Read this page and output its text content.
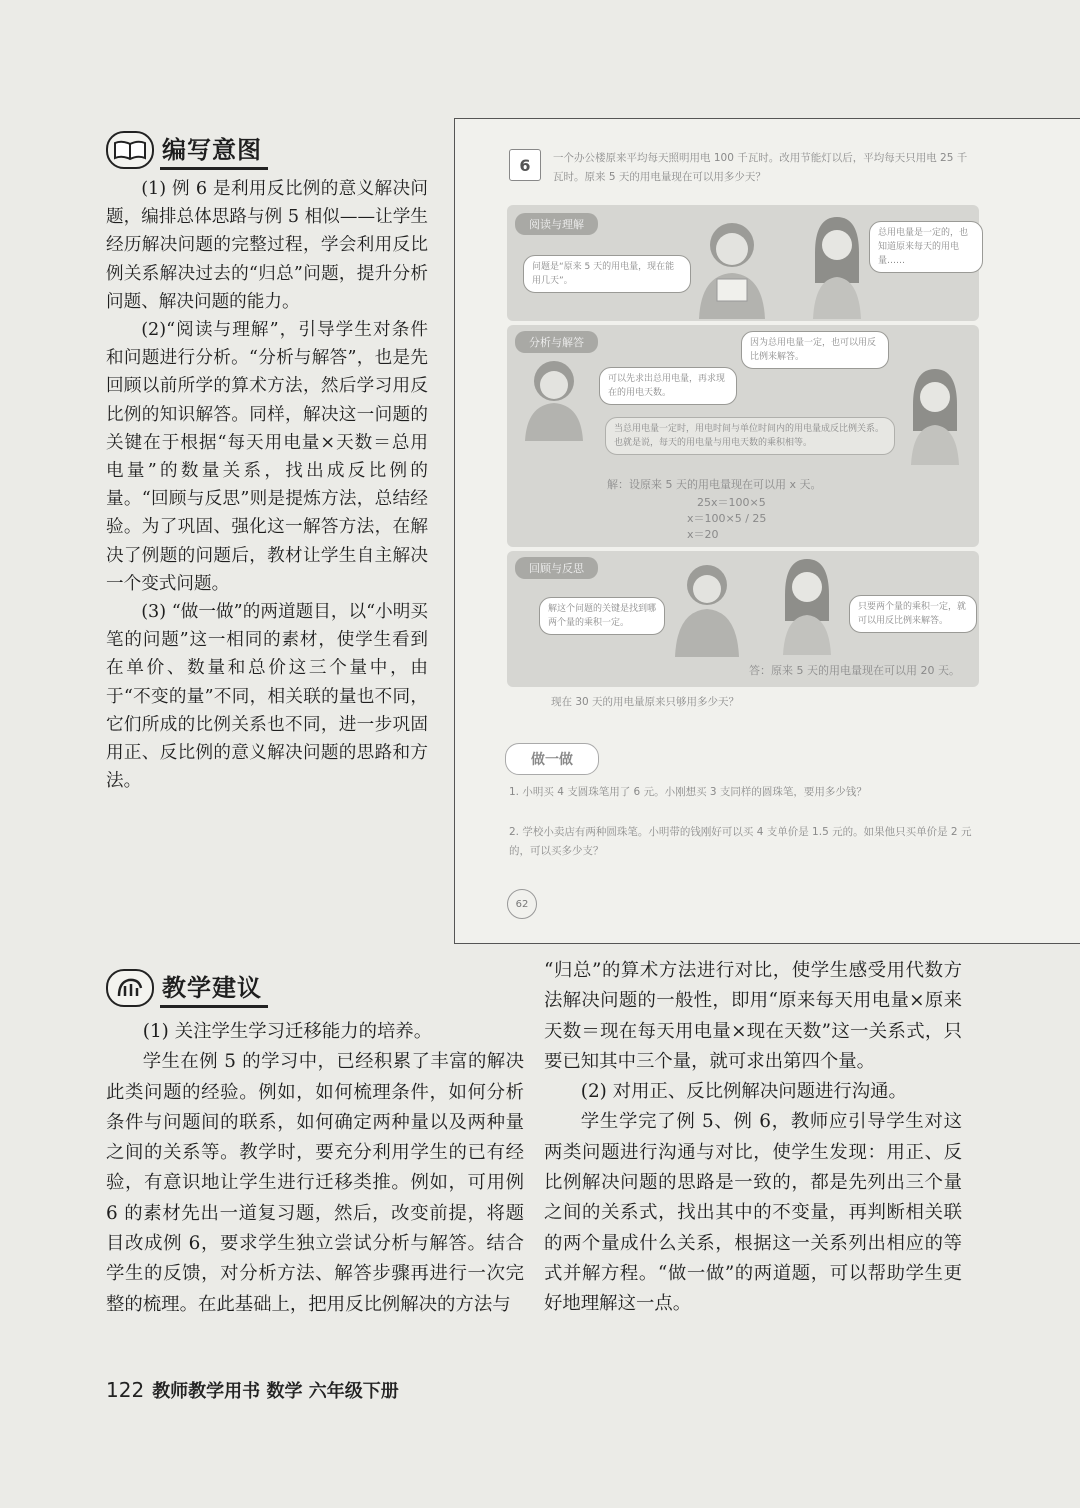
编写意图

(1) 例 6 是利用反比例的意义解决问题，编排总体思路与例 5 相似——让学生经历解决问题的完整过程，学会利用反比例关系解决过去的“归总”问题，提升分析问题、解决问题的能力。

(2)“阅读与理解”，引导学生对条件和问题进行分析。“分析与解答”，也是先回顾以前所学的算术方法，然后学习用反比例的知识解答。同样，解决这一问题的关键在于根据“每天用电量×天数＝总用电量”的数量关系，找出成反比例的量。“回顾与反思”则是提炼方法，总结经验。为了巩固、强化这一解答方法，在解决了例题的问题后，教材让学生自主解决一个变式问题。

(3) “做一做”的两道题目，以“小明买笔的问题”这一相同的素材，使学生看到在单价、数量和总价这三个量中，由于“不变的量”不同，相关联的量也不同，它们所成的比例关系也不同，进一步巩固用正、反比例的意义解决问题的思路和方法。

6	一个办公楼原来平均每天照明用电 100 千瓦时。改用节能灯以后，平均每天只用电 25 千瓦时。原来 5 天的用电量现在可以用多少天？
阅读与理解
问题是“原来 5 天的用电量，现在能用几天”。
总用电量是一定的，也知道原来每天的用电量……
分析与解答
可以先求出总用电量，再求现在的用电天数。
因为总用电量一定，也可以用反比例来解答。
当总用电量一定时，用电时间与单位时间内的用电量成反比例关系。也就是说，每天的用电量与用电天数的乘积相等。
解：设原来 5 天的用电量现在可以用 x 天。
25x＝100×5
x＝100×5 / 25
x＝20
回顾与反思
解这个问题的关键是找到哪两个量的乘积一定。
只要两个量的乘积一定，就可以用反比例来解答。
答：原来 5 天的用电量现在可以用 20 天。
现在 30 天的用电量原来只够用多少天？
做一做
1. 小明买 4 支圆珠笔用了 6 元。小刚想买 3 支同样的圆珠笔，要用多少钱？
2. 学校小卖店有两种圆珠笔。小明带的钱刚好可以买 4 支单价是 1.5 元的。如果他只买单价是 2 元的，可以买多少支？
62
教学建议

(1) 关注学生学习迁移能力的培养。

学生在例 5 的学习中，已经积累了丰富的解决此类问题的经验。例如，如何梳理条件，如何分析条件与问题间的联系，如何确定两种量以及两种量之间的关系等。教学时，要充分利用学生的已有经验，有意识地让学生进行迁移类推。例如，可用例 6 的素材先出一道复习题，然后，改变前提，将题目改成例 6，要求学生独立尝试分析与解答。结合学生的反馈，对分析方法、解答步骤再进行一次完整的梳理。在此基础上，把用反比例解决的方法与

“归总”的算术方法进行对比，使学生感受用代数方法解决问题的一般性，即用“原来每天用电量×原来天数＝现在每天用电量×现在天数”这一关系式，只要已知其中三个量，就可求出第四个量。

(2) 对用正、反比例解决问题进行沟通。

学生学完了例 5、例 6，教师应引导学生对这两类问题进行沟通与对比，使学生发现：用正、反比例解决问题的思路是一致的，都是先列出三个量之间的关系式，找出其中的不变量，再判断相关联的两个量成什么关系，根据这一关系列出相应的等式并解方程。“做一做”的两道题，可以帮助学生更好地理解这一点。

122 教师教学用书 数学 六年级下册
